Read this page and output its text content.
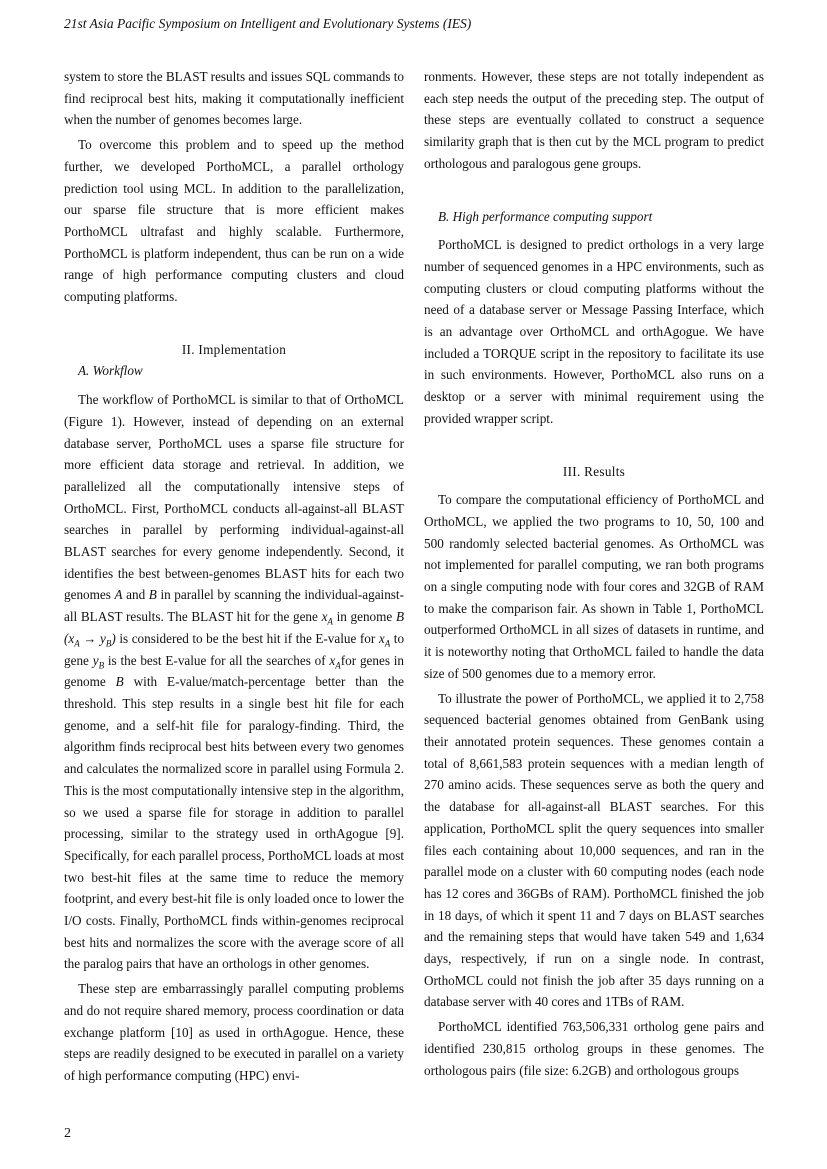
21st Asia Pacific Symposium on Intelligent and Evolutionary Systems (IES)

system to store the BLAST results and issues SQL commands to find reciprocal best hits, making it computationally inefficient when the number of genomes becomes large.

To overcome this problem and to speed up the method further, we developed PorthoMCL, a parallel orthology prediction tool using MCL. In addition to the parallelization, our sparse file structure that is more efficient makes PorthoMCL ultrafast and highly scalable. Furthermore, PorthoMCL is platform independent, thus can be run on a wide range of high performance computing clusters and cloud computing platforms.

II. Implementation
A. Workflow

The workflow of PorthoMCL is similar to that of OrthoMCL (Figure 1). However, instead of depending on an external database server, PorthoMCL uses a sparse file structure for more efficient data storage and retrieval. In addition, we parallelized all the computationally intensive steps of OrthoMCL. First, PorthoMCL conducts all-against-all BLAST searches in parallel by performing individual-against-all BLAST searches for every genome independently. Second, it identifies the best between-genomes BLAST hits for each two genomes A and B in parallel by scanning the individual-against-all BLAST results. The BLAST hit for the gene $x_A$ in genome B $(x_A \to y_B)$ is considered to be the best hit if the E-value for $x_A$ to gene $y_B$ is the best E-value for all the searches of $x_Afor$ genes in genome B with E-value/match-percentage better than the threshold. This step results in a single best hit file for each genome, and a self-hit file for paralogy-finding. Third, the algorithm finds reciprocal best hits between every two genomes and calculates the normalized score in parallel using Formula 2. This is the most computationally intensive step in the algorithm, so we used a sparse file for storage in addition to parallel processing, similar to the strategy used in orthAgogue [9]. Specifically, for each parallel process, PorthoMCL loads at most two best-hit files at the same time to reduce the memory footprint, and every best-hit file is only loaded once to lower the I/O costs. Finally, PorthoMCL finds within-genomes reciprocal best hits and normalizes the score with the average score of all the paralog pairs that have an orthologs in other genomes.

These step are embarrassingly parallel computing problems and do not require shared memory, process coordination or data exchange platform [10] as used in orthAgogue. Hence, these steps are readily designed to be executed in parallel on a variety of high performance computing (HPC) envi-

ronments. However, these steps are not totally independent as each step needs the output of the preceding step. The output of these steps are eventually collated to construct a sequence similarity graph that is then cut by the MCL program to predict orthologous and paralogous gene groups.

B. High performance computing support

PorthoMCL is designed to predict orthologs in a very large number of sequenced genomes in a HPC environments, such as computing clusters or cloud computing platforms without the need of a database server or Message Passing Interface, which is an advantage over OrthoMCL and orthAgogue. We have included a TORQUE script in the repository to facilitate its use in such environments. However, PorthoMCL also runs on a desktop or a server with minimal requirement using the provided wrapper script.

III. Results

To compare the computational efficiency of PorthoMCL and OrthoMCL, we applied the two programs to 10, 50, 100 and 500 randomly selected bacterial genomes. As OrthoMCL was not implemented for parallel computing, we ran both programs on a single computing node with four cores and 32GB of RAM to make the comparison fair. As shown in Table 1, PorthoMCL outperformed OrthoMCL in all sizes of datasets in runtime, and it is noteworthy noting that OrthoMCL failed to handle the data size of 500 genomes due to a memory error.

To illustrate the power of PorthoMCL, we applied it to 2,758 sequenced bacterial genomes obtained from GenBank using their annotated protein sequences. These genomes contain a total of 8,661,583 protein sequences with a median length of 270 amino acids. These sequences serve as both the query and the database for all-against-all BLAST searches. For this application, PorthoMCL split the query sequences into smaller files each containing about 10,000 sequences, and ran in the parallel mode on a cluster with 60 computing nodes (each node has 12 cores and 36GBs of RAM). PorthoMCL finished the job in 18 days, of which it spent 11 and 7 days on BLAST searches and the remaining steps that would have taken 549 and 1,634 days, respectively, if run on a single node. In contrast, OrthoMCL could not finish the job after 35 days running on a database server with 40 cores and 1TBs of RAM.

PorthoMCL identified 763,506,331 ortholog gene pairs and identified 230,815 ortholog groups in these genomes. The orthologous pairs (file size: 6.2GB) and orthologous groups

2
